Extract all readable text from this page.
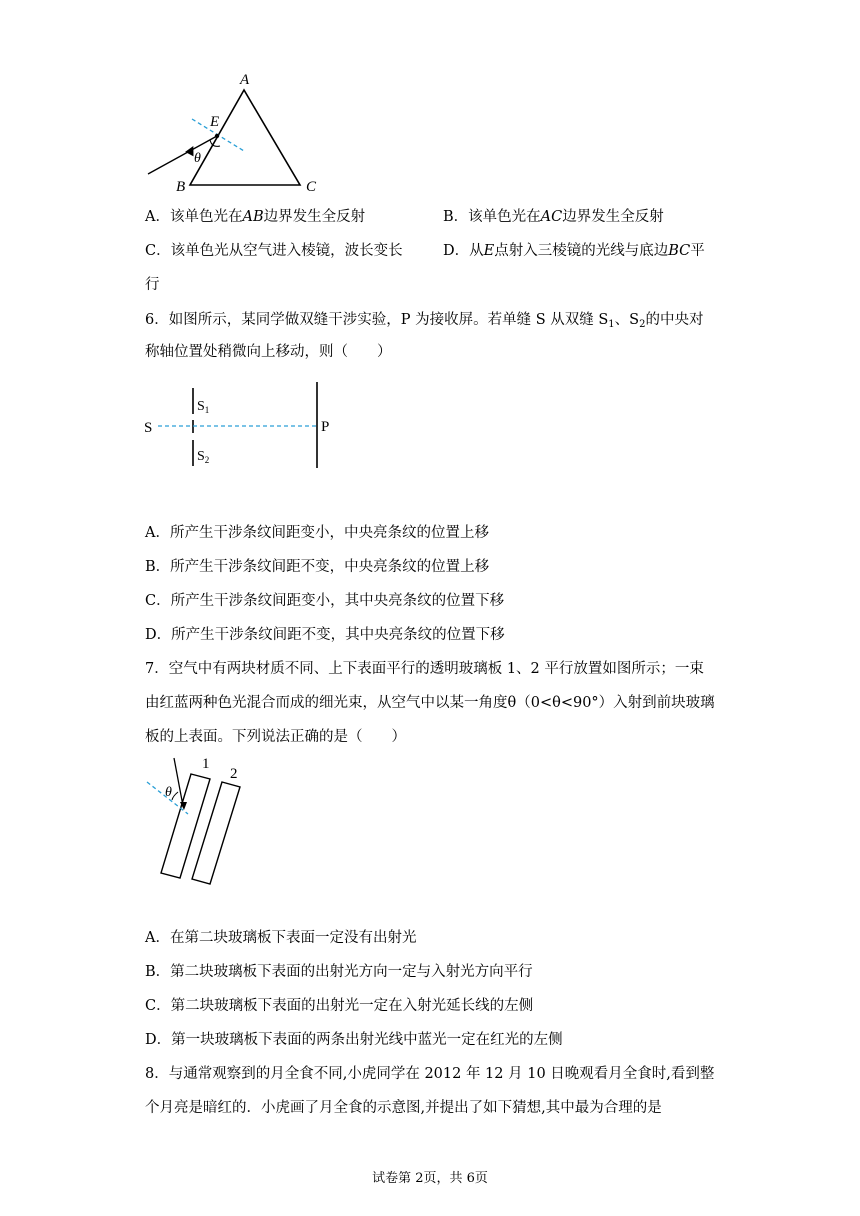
A
B	C
E
θ
A．该单色光在AB边界发生全反射	B．该单色光在AC边界发生全反射
C．该单色光从空气进入棱镜，波长变长	D．从E点射入三棱镜的光线与底边BC平
行
6．如图所示，某同学做双缝干涉实验，P 为接收屏。若单缝 S 从双缝 $S_1$、$S_2$的中央对
称轴位置处稍微向上移动，则（　　）
S
$S_1$
$S_2$
P
A．所产生干涉条纹间距变小，中央亮条纹的位置上移
B．所产生干涉条纹间距不变，中央亮条纹的位置上移
C．所产生干涉条纹间距变小，其中央亮条纹的位置下移
D．所产生干涉条纹间距不变，其中央亮条纹的位置下移
7．空气中有两块材质不同、上下表面平行的透明玻璃板 1、2 平行放置如图所示；一束
由红蓝两种色光混合而成的细光束，从空气中以某一角度θ（0<θ<90°）入射到前块玻璃
板的上表面。下列说法正确的是（　　）
θ
1
2
A．在第二块玻璃板下表面一定没有出射光
B．第二块玻璃板下表面的出射光方向一定与入射光方向平行
C．第二块玻璃板下表面的出射光一定在入射光延长线的左侧
D．第一块玻璃板下表面的两条出射光线中蓝光一定在红光的左侧
8．与通常观察到的月全食不同,小虎同学在 2012 年 12 月 10 日晚观看月全食时,看到整
个月亮是暗红的．小虎画了月全食的示意图,并提出了如下猜想,其中最为合理的是
试卷第 2页，共 6页
